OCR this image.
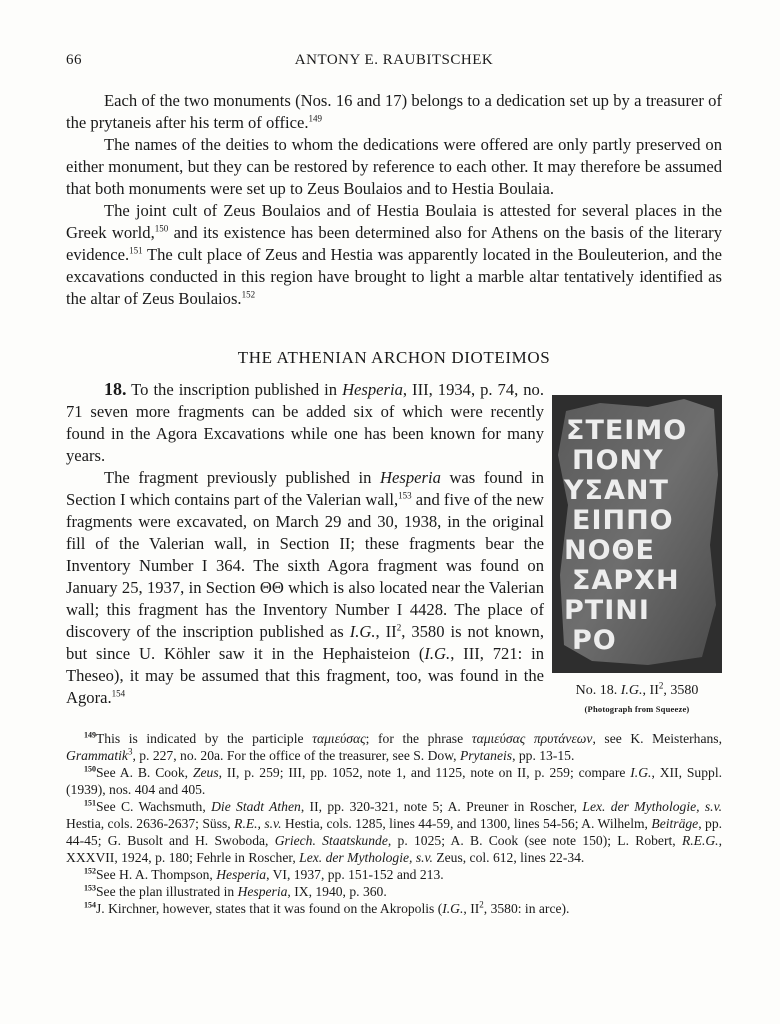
66	ANTONY E. RAUBITSCHEK

Each of the two monuments (Nos. 16 and 17) belongs to a dedication set up by a treasurer of the prytaneis after his term of office.$^{149}$

The names of the deities to whom the dedications were offered are only partly preserved on either monument, but they can be restored by reference to each other. It may therefore be assumed that both monuments were set up to Zeus Boulaios and to Hestia Boulaia.

The joint cult of Zeus Boulaios and of Hestia Boulaia is attested for several places in the Greek world,$^{150}$ and its existence has been determined also for Athens on the basis of the literary evidence.$^{151}$ The cult place of Zeus and Hestia was apparently located in the Bouleuterion, and the excavations conducted in this region have brought to light a marble altar tentatively identified as the altar of Zeus Boulaios.$^{152}$

THE ATHENIAN ARCHON DIOTEIMOS

18. To the inscription published in Hesperia, III, 1934, p. 74, no. 71 seven more fragments can be added six of which were recently found in the Agora Excavations while one has been known for many years.

The fragment previously published in Hesperia was found in Section I which contains part of the Valerian wall,$^{153}$ and five of the new fragments were excavated, on March 29 and 30, 1938, in the original fill of the Valerian wall, in Section II; these fragments bear the Inventory Number I 364. The sixth Agora fragment was found on January 25, 1937, in Section ΘΘ which is also located near the Valerian wall; this fragment has the Inventory Number I 4428. The place of discovery of the inscription published as I.G., $II^2$, 3580 is not known, but since U. Köhler saw it in the Hephaisteion (I.G., III, 721: in Theseo), it may be assumed that this fragment, too, was found in the Agora.$^{154}$

ΣΤΕΙΜΟ
ΠΟΝΥ
ΥΣΑΝΤ
ΕΙΠΠΟ
ΝΟΘΕ
ΣΑΡΧΗ
ΡΤΙΝΙ
ΡΟ
No. 18. I.G., $II^2$, 3580
(Photograph from Squeeze)

$^{149}$This is indicated by the participle ταμιεύσας; for the phrase ταμιεύσας πρυτάνεων, see K. Meisterhans, Grammatik$^3$, p. 227, no. 20a. For the office of the treasurer, see S. Dow, Prytaneis, pp. 13-15.

$^{150}$See A. B. Cook, Zeus, II, p. 259; III, pp. 1052, note 1, and 1125, note on II, p. 259; compare I.G., XII, Suppl. (1939), nos. 404 and 405.

$^{151}$See C. Wachsmuth, Die Stadt Athen, II, pp. 320-321, note 5; A. Preuner in Roscher, Lex. der Mythologie, s.v. Hestia, cols. 2636-2637; Süss, R.E., s.v. Hestia, cols. 1285, lines 44-59, and 1300, lines 54-56; A. Wilhelm, Beiträge, pp. 44-45; G. Busolt and H. Swoboda, Griech. Staatskunde, p. 1025; A. B. Cook (see note 150); L. Robert, R.E.G., XXXVII, 1924, p. 180; Fehrle in Roscher, Lex. der Mythologie, s.v. Zeus, col. 612, lines 22-34.

$^{152}$See H. A. Thompson, Hesperia, VI, 1937, pp. 151-152 and 213.

$^{153}$See the plan illustrated in Hesperia, IX, 1940, p. 360.

$^{154}$J. Kirchner, however, states that it was found on the Akropolis (I.G., $II^2$, 3580: in arce).
